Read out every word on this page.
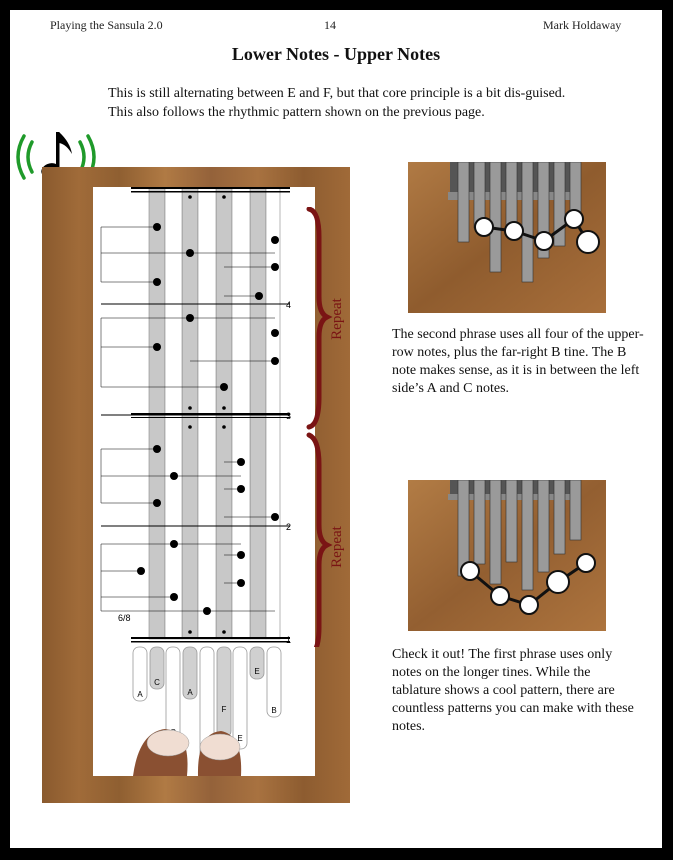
Playing the Sansula 2.0	14	Mark Holdaway
Lower Notes - Upper Notes
This is still alternating between E and F, but that core principle is a bit dis-guised. This also follows the rhythmic pattern shown on the previous page.
4
3
2
1
6/8
A
C
A
F
E
E
B
Repeat
Repeat
The second phrase uses all four of the upper-row notes, plus the far-right B tine. The B note makes sense, as it is in between the left side’s A and C notes.
Check it out! The first phrase uses only notes on the longer tines. While the tablature shows a cool pattern, there are countless patterns you can make with these notes.
